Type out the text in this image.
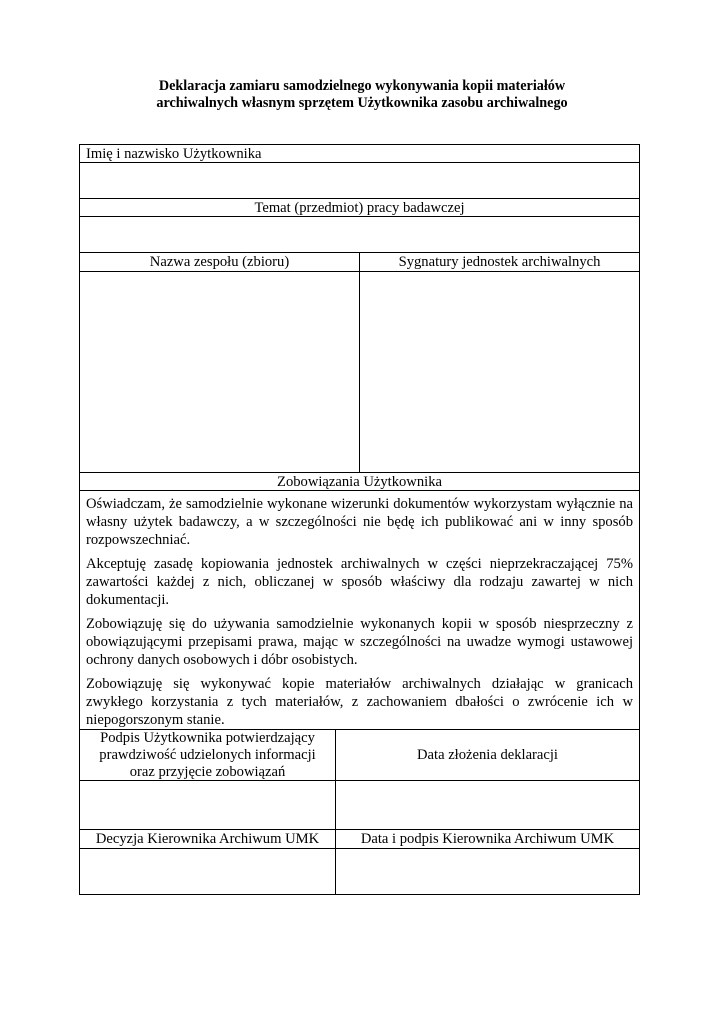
Deklaracja zamiaru samodzielnego wykonywania kopii materiałów
archiwalnych własnym sprzętem Użytkownika zasobu archiwalnego
Imię i nazwisko Użytkownika
Temat (przedmiot) pracy badawczej
Nazwa zespołu (zbioru)	Sygnatury jednostek archiwalnych
Zobowiązania Użytkownika

Oświadczam, że samodzielnie wykonane wizerunki dokumentów wykorzystam wyłącznie na własny użytek badawczy, a w szczególności nie będę ich publikować ani w inny sposób rozpowszechniać.

Akceptuję zasadę kopiowania jednostek archiwalnych w części nieprzekraczającej 75% zawartości każdej z nich, obliczanej w sposób właściwy dla rodzaju zawartej w nich dokumentacji.

Zobowiązuję się do używania samodzielnie wykonanych kopii w sposób niesprzeczny z obowiązującymi przepisami prawa, mając w szczególności na uwadze wymogi ustawowej ochrony danych osobowych i dóbr osobistych.

Zobowiązuję się wykonywać kopie materiałów archiwalnych działając w granicach zwykłego korzystania z tych materiałów, z zachowaniem dbałości o zwrócenie ich w niepogorszonym stanie.

Podpis Użytkownika potwierdzający prawdziwość udzielonych informacji oraz przyjęcie zobowiązań
Data złożenia deklaracji
Decyzja Kierownika Archiwum UMK	Data i podpis Kierownika Archiwum UMK
